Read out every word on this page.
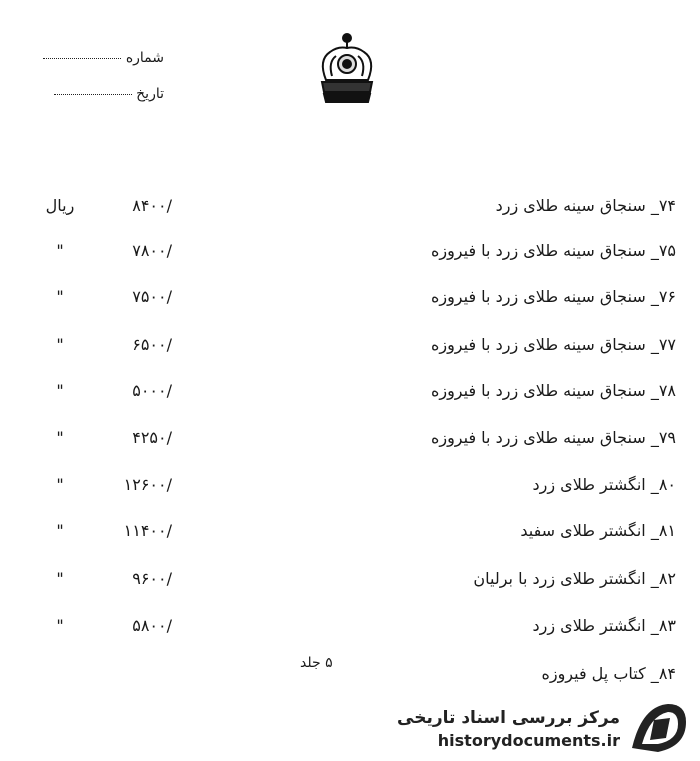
شماره
تاریخ
۷۴_ سنجاق سینه طلای زرد
۸۴۰۰/
ریال
۷۵_ سنجاق سینه طلای زرد با فیروزه
۷۸۰۰/
"
۷۶_ سنجاق سینه طلای زرد با فیروزه
۷۵۰۰/
"
۷۷_ سنجاق سینه طلای زرد با فیروزه
۶۵۰۰/
"
۷۸_ سنجاق سینه طلای زرد با فیروزه
۵۰۰۰/
"
۷۹_ سنجاق سینه طلای زرد با فیروزه
۴۲۵۰/
"
۸۰_ انگشتر طلای زرد
۱۲۶۰۰/
"
۸۱_ انگشتر طلای سفید
۱۱۴۰۰/
"
۸۲_ انگشتر طلای زرد با برلیان
۹۶۰۰/
"
۸۳_ انگشتر طلای زرد
۵۸۰۰/
"
۸۴_ کتاب پل فیروزه
۵ جلد
مرکز بررسی اسناد تاریخی
historydocuments.ir
